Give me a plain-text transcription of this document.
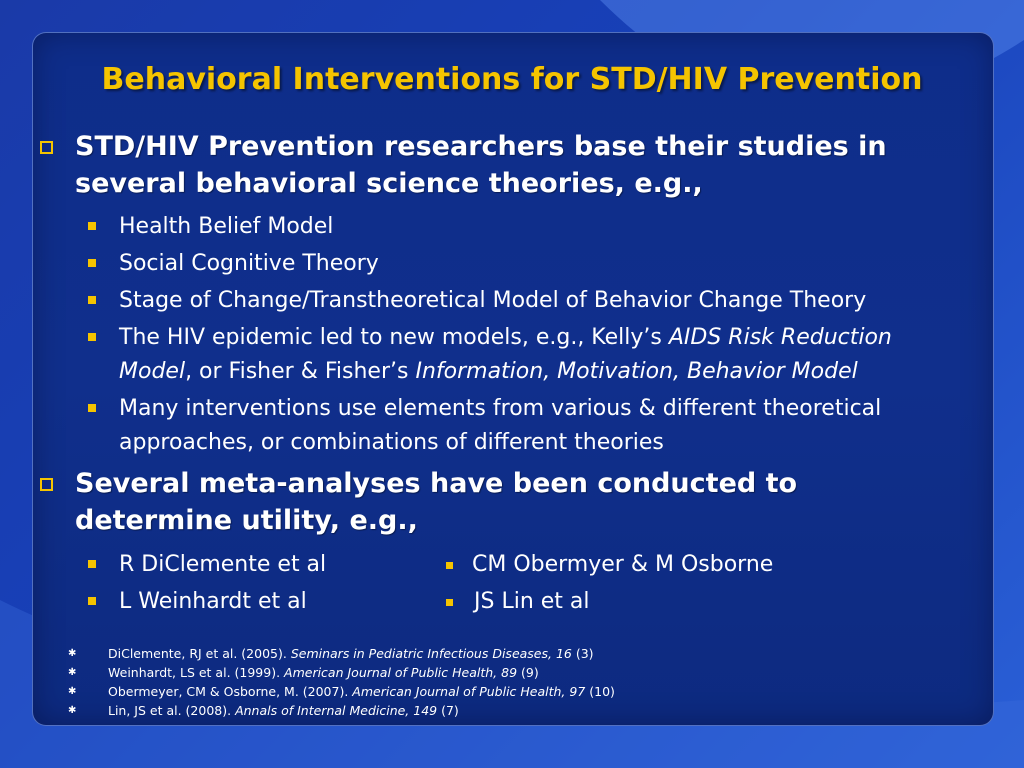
Behavioral Interventions for STD/HIV Prevention
STD/HIV Prevention researchers base their studies in
several behavioral science theories, e.g.,
Health Belief Model
Social Cognitive Theory
Stage of Change/Transtheoretical Model of Behavior Change Theory
The HIV epidemic led to new models, e.g., Kelly’s AIDS Risk Reduction
Model, or Fisher & Fisher’s Information, Motivation, Behavior Model
Many interventions use elements from various & different theoretical
approaches, or combinations of different theories
Several meta-analyses have been conducted to
determine utility, e.g.,
R DiClemente et al
L Weinhardt et al
CM Obermyer & M Osborne
JS Lin et al
✱	DiClemente, RJ et al. (2005). Seminars in Pediatric Infectious Diseases, 16 (3)
✱	Weinhardt, LS et al. (1999). American Journal of Public Health, 89 (9)
✱	Obermeyer, CM & Osborne, M. (2007). American Journal of Public Health, 97 (10)
✱	Lin, JS et al. (2008). Annals of Internal Medicine, 149 (7)
